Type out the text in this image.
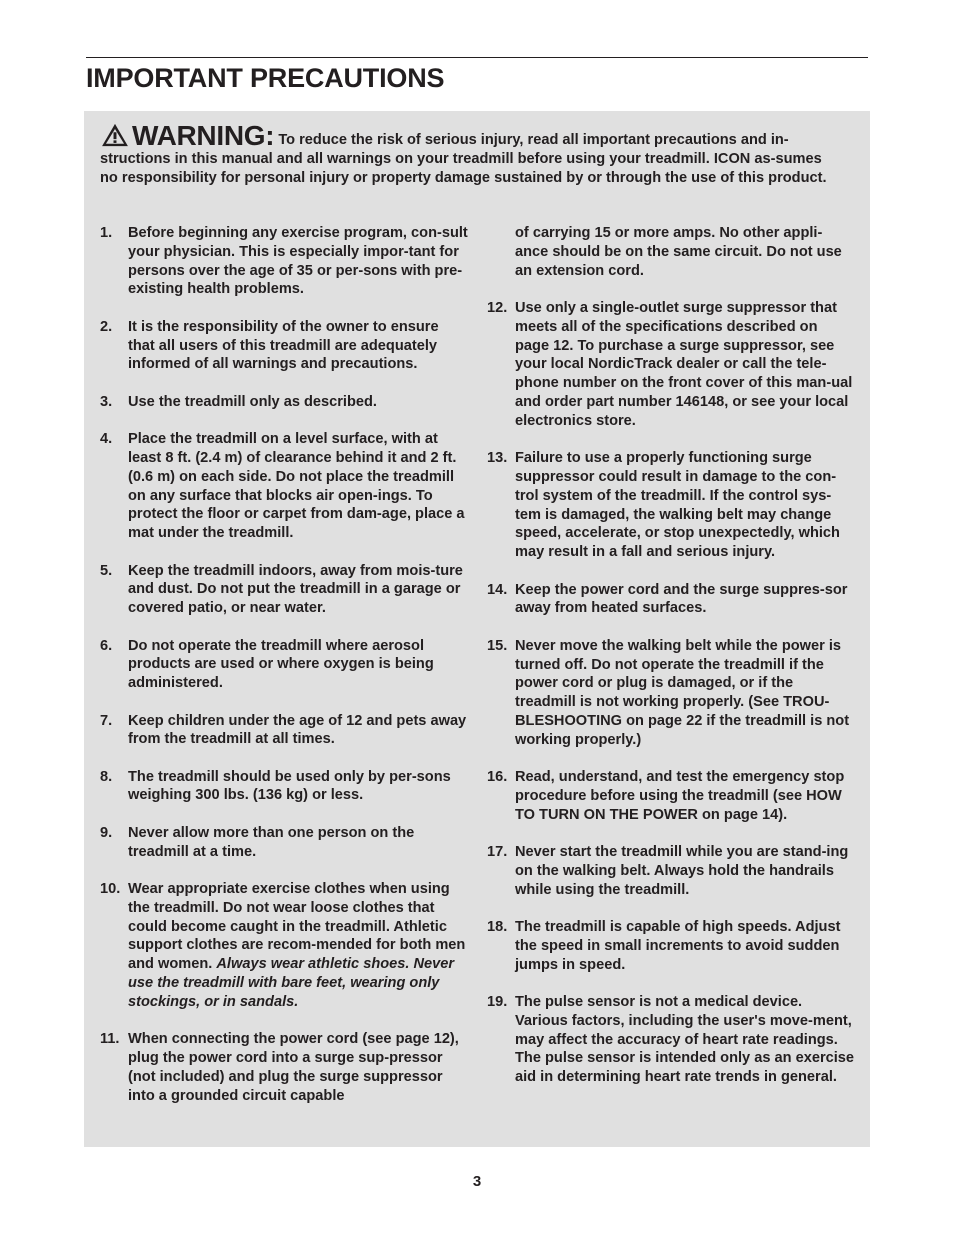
IMPORTANT PRECAUTIONS
WARNING: To reduce the risk of serious injury, read all important precautions and in-structions in this manual and all warnings on your treadmill before using your treadmill. ICON as-sumes no responsibility for personal injury or property damage sustained by or through the use of this product.
1. Before beginning any exercise program, con-sult your physician. This is especially impor-tant for persons over the age of 35 or per-sons with pre-existing health problems.
2. It is the responsibility of the owner to ensure that all users of this treadmill are adequately informed of all warnings and precautions.
3. Use the treadmill only as described.
4. Place the treadmill on a level surface, with at least 8 ft. (2.4 m) of clearance behind it and 2 ft. (0.6 m) on each side. Do not place the treadmill on any surface that blocks air open-ings. To protect the floor or carpet from dam-age, place a mat under the treadmill.
5. Keep the treadmill indoors, away from mois-ture and dust. Do not put the treadmill in a garage or covered patio, or near water.
6. Do not operate the treadmill where aerosol products are used or where oxygen is being administered.
7. Keep children under the age of 12 and pets away from the treadmill at all times.
8. The treadmill should be used only by per-sons weighing 300 lbs. (136 kg) or less.
9. Never allow more than one person on the treadmill at a time.
10. Wear appropriate exercise clothes when using the treadmill. Do not wear loose clothes that could become caught in the treadmill. Athletic support clothes are recom-mended for both men and women. Always wear athletic shoes. Never use the treadmill with bare feet, wearing only stockings, or in sandals.
11. When connecting the power cord (see page 12), plug the power cord into a surge sup-pressor (not included) and plug the surge suppressor into a grounded circuit capable
of carrying 15 or more amps. No other appli-ance should be on the same circuit. Do not use an extension cord.
12. Use only a single-outlet surge suppressor that meets all of the specifications described on page 12. To purchase a surge suppressor, see your local NordicTrack dealer or call the tele-phone number on the front cover of this man-ual and order part number 146148, or see your local electronics store.
13. Failure to use a properly functioning surge suppressor could result in damage to the con-trol system of the treadmill. If the control sys-tem is damaged, the walking belt may change speed, accelerate, or stop unexpectedly, which may result in a fall and serious injury.
14. Keep the power cord and the surge suppres-sor away from heated surfaces.
15. Never move the walking belt while the power is turned off. Do not operate the treadmill if the power cord or plug is damaged, or if the treadmill is not working properly. (See TROU-BLESHOOTING on page 22 if the treadmill is not working properly.)
16. Read, understand, and test the emergency stop procedure before using the treadmill (see HOW TO TURN ON THE POWER on page 14).
17. Never start the treadmill while you are stand-ing on the walking belt. Always hold the handrails while using the treadmill.
18. The treadmill is capable of high speeds. Adjust the speed in small increments to avoid sudden jumps in speed.
19. The pulse sensor is not a medical device. Various factors, including the user's move-ment, may affect the accuracy of heart rate readings. The pulse sensor is intended only as an exercise aid in determining heart rate trends in general.
3
